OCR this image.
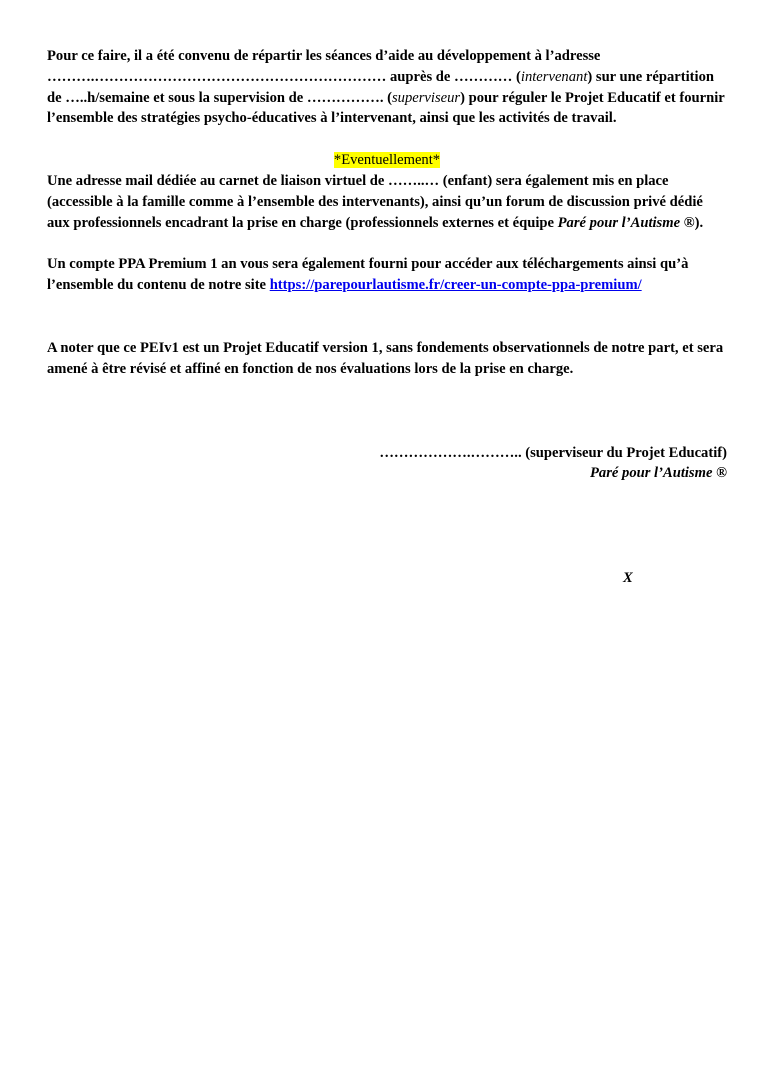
Pour ce faire, il a été convenu de répartir les séances d’aide au développement à l’adresse
……….…………………………………………………… auprès de ………… (intervenant) sur une répartition de …..h/semaine et sous la supervision de ……………. (superviseur) pour réguler le Projet Educatif et fournir l’ensemble des stratégies psycho-éducatives à l’intervenant, ainsi que les activités de travail.

*Eventuellement*

Une adresse mail dédiée au carnet de liaison virtuel de ……..… (enfant) sera également mis en place (accessible à la famille comme à l’ensemble des intervenants), ainsi qu’un forum de discussion privé dédié aux professionnels encadrant la prise en charge (professionnels externes et équipe Paré pour l’Autisme ®).

Un compte PPA Premium 1 an vous sera également fourni pour accéder aux téléchargements ainsi qu’à l’ensemble du contenu de notre site https://parepourlautisme.fr/creer-un-compte-ppa-premium/

A noter que ce PEIv1 est un Projet Educatif version 1, sans fondements observationnels de notre part, et sera amené à être révisé et affiné en fonction de nos évaluations lors de la prise en charge.

……………….……….. (superviseur du Projet Educatif)

Paré pour l’Autisme ®

X
